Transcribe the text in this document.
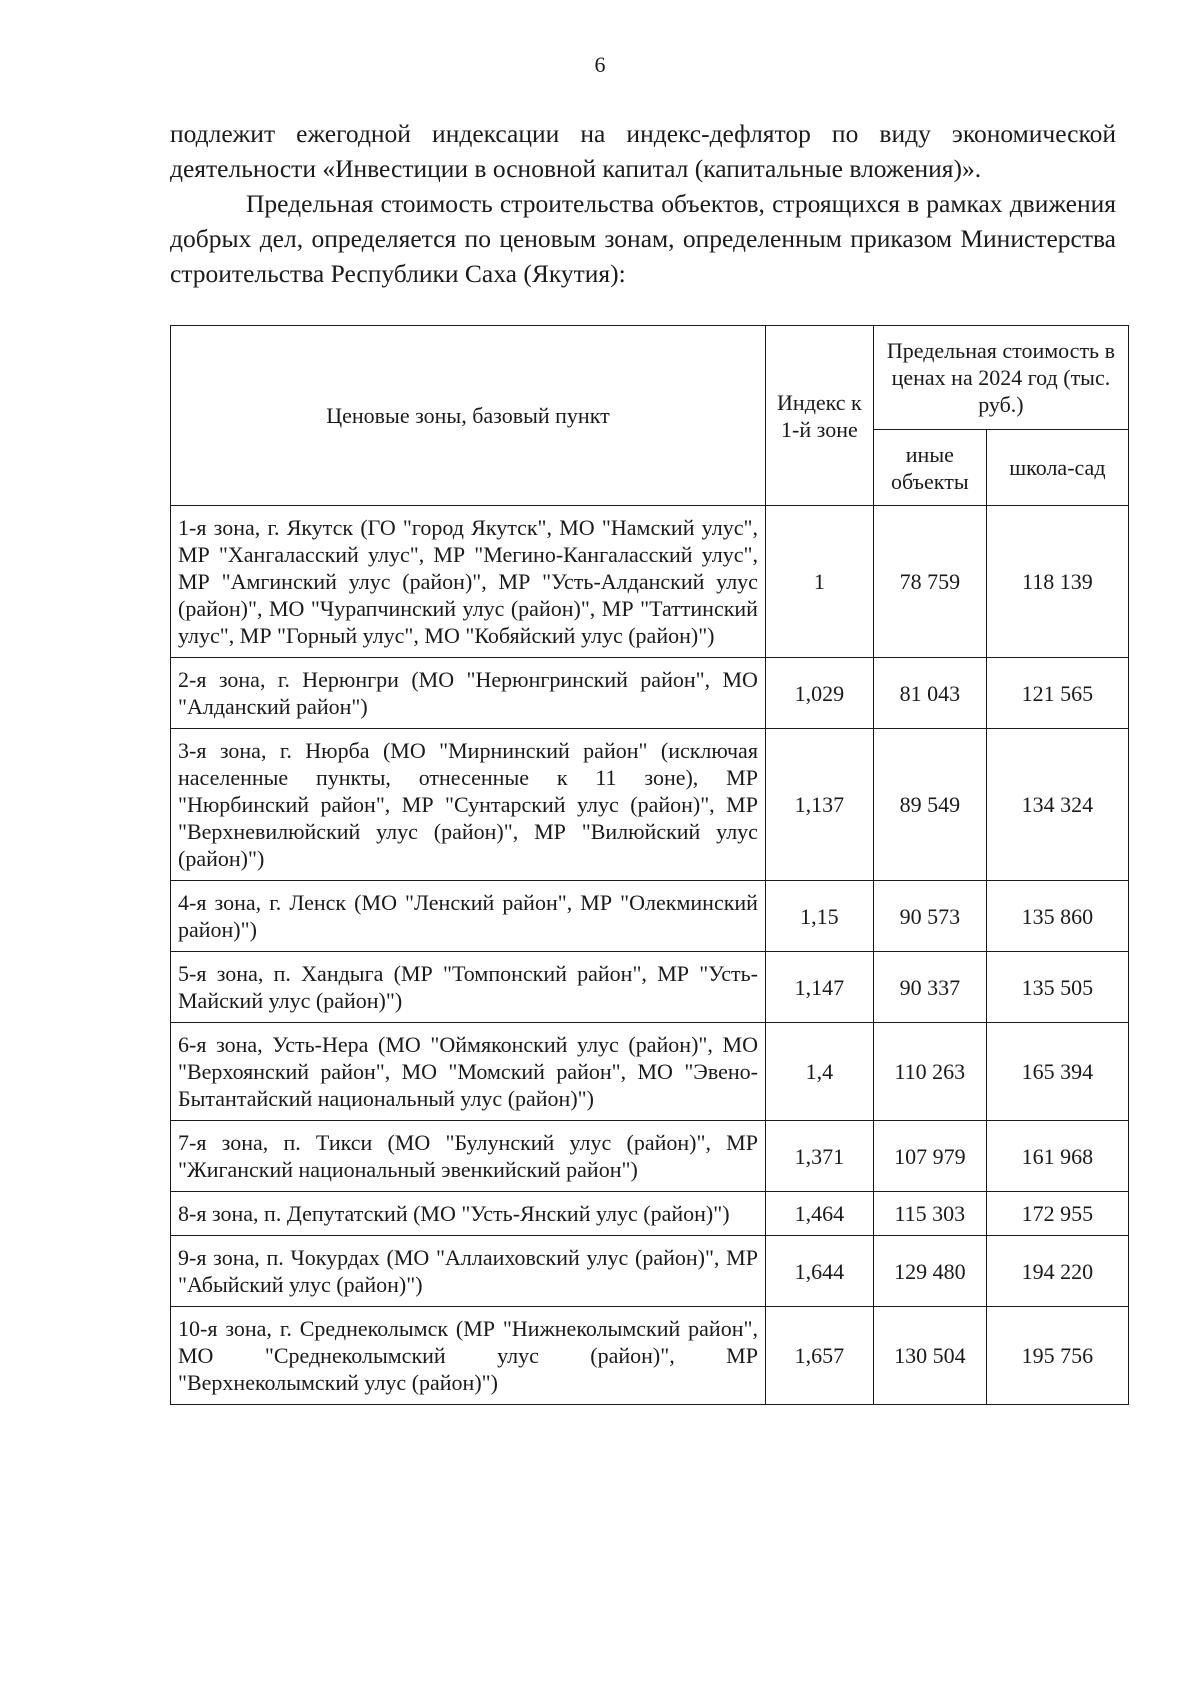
6

подлежит ежегодной индексации на индекс-дефлятор по виду экономической деятельности «Инвестиции в основной капитал (капитальные вложения)».

Предельная стоимость строительства объектов, строящихся в рамках движения добрых дел, определяется по ценовым зонам, определенным приказом Министерства строительства Республики Саха (Якутия):

Ценовые зоны, базовый пункт	Индекс к 1-й зоне	Предельная стоимость в ценах на 2024 год (тыс. руб.)	
		иные объекты	школа-сад
1-я зона, г. Якутск (ГО "город Якутск", МО "Намский улус", МР "Хангаласский улус", МР "Мегино-Кангаласский улус", МР "Амгинский улус (район)", МР "Усть-Алданский улус (район)", МО "Чурапчинский улус (район)", МР "Таттинский улус", МР "Горный улус", МО "Кобяйский улус (район)")	1	78 759	118 139
2-я зона, г. Нерюнгри (МО "Нерюнгринский район", МО "Алданский район")	1,029	81 043	121 565
3-я зона, г. Нюрба (МО "Мирнинский район" (исключая населенные пункты, отнесенные к 11 зоне), МР "Нюрбинский район", МР "Сунтарский улус (район)", МР "Верхневилюйский улус (район)", МР "Вилюйский улус (район)")	1,137	89 549	134 324
4-я зона, г. Ленск (МО "Ленский район", МР "Олекминский район)")	1,15	90 573	135 860
5-я зона, п. Хандыга (МР "Томпонский район", МР "Усть-Майский улус (район)")	1,147	90 337	135 505
6-я зона, Усть-Нера (МО "Оймяконский улус (район)", МО "Верхоянский район", МО "Момский район", МО "Эвено-Бытантайский национальный улус (район)")	1,4	110 263	165 394
7-я зона, п. Тикси (МО "Булунский улус (район)", МР "Жиганский национальный эвенкийский район")	1,371	107 979	161 968
8-я зона, п. Депутатский (МО "Усть-Янский улус (район)")	1,464	115 303	172 955
9-я зона, п. Чокурдах (МО "Аллаиховский улус (район)", МР "Абыйский улус (район)")	1,644	129 480	194 220
10-я зона, г. Среднеколымск (МР "Нижнеколымский район", МО "Среднеколымский улус (район)", МР "Верхнеколымский улус (район)")	1,657	130 504	195 756
